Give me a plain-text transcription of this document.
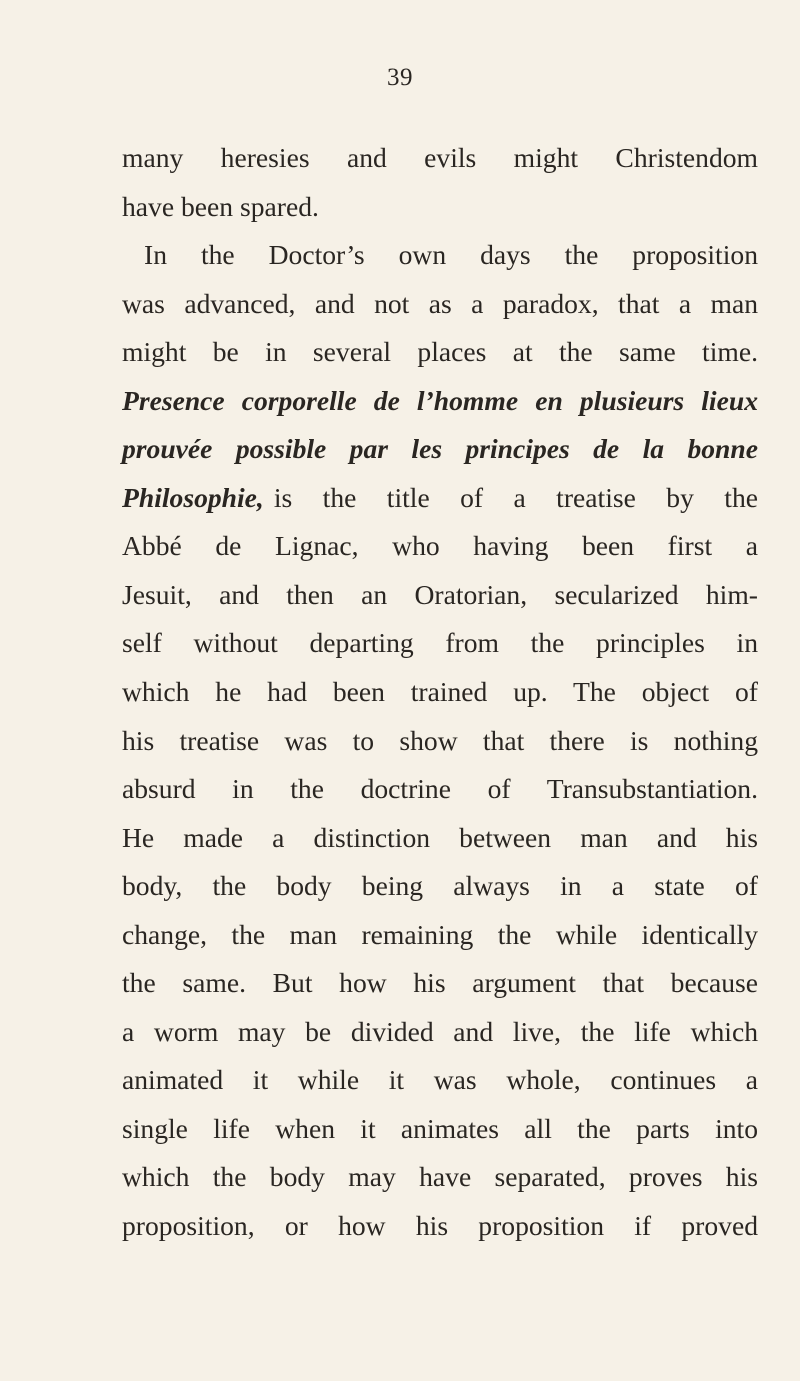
39
many heresies and evils might Christendom
have been spared.
In the Doctor’s own days the proposition
was advanced, and not as a paradox, that a man
might be in several places at the same time.
Presence corporelle de l’homme en plusieurs lieux
prouvée possible par les principes de la bonne
Philosophie, is the title of a treatise by the
Abbé de Lignac, who having been first a
Jesuit, and then an Oratorian, secularized him-
self without departing from the principles in
which he had been trained up. The object of
his treatise was to show that there is nothing
absurd in the doctrine of Transubstantiation.
He made a distinction between man and his
body, the body being always in a state of
change, the man remaining the while identically
the same. But how his argument that because
a worm may be divided and live, the life which
animated it while it was whole, continues a
single life when it animates all the parts into
which the body may have separated, proves his
proposition, or how his proposition if proved
